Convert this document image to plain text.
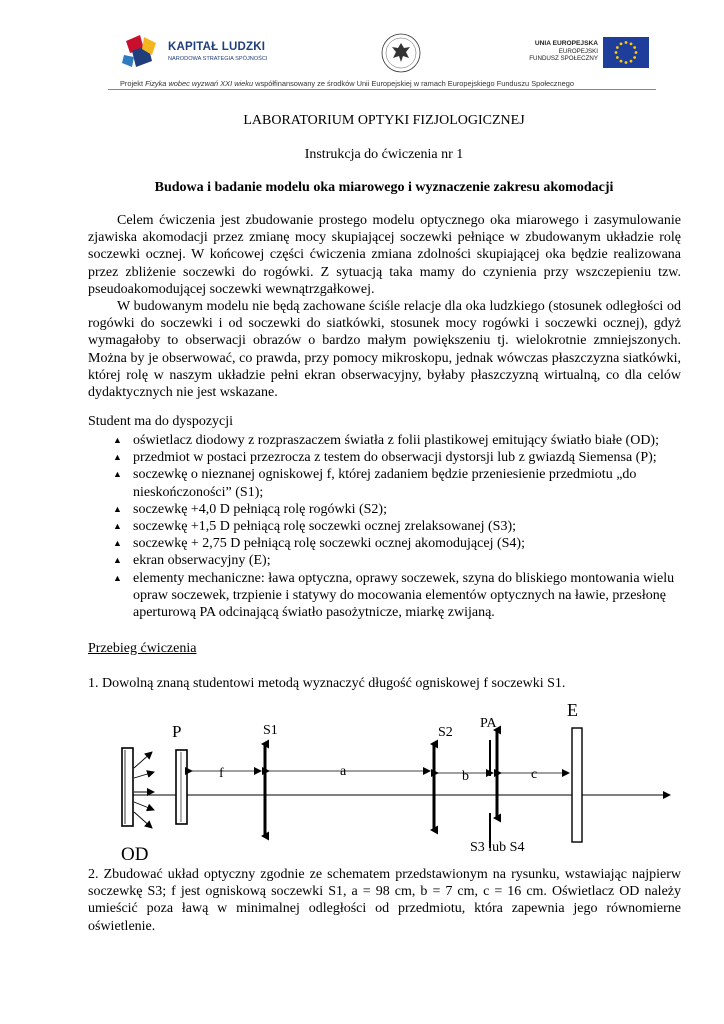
KAPITAŁ LUDZKI
NARODOWA STRATEGIA SPÓJNOŚCI
UNIA EUROPEJSKA
EUROPEJSKI
FUNDUSZ SPOŁECZNY
Projekt Fizyka wobec wyzwań XXI wieku współfinansowany ze środków Unii Europejskiej w ramach Europejskiego Funduszu Społecznego
LABORATORIUM OPTYKI FIZJOLOGICZNEJ
Instrukcja do ćwiczenia nr 1
Budowa i badanie modelu oka miarowego i wyznaczenie zakresu akomodacji

Celem ćwiczenia jest zbudowanie prostego modelu optycznego oka miarowego i zasymulowanie zjawiska akomodacji przez zmianę mocy skupiającej soczewki pełniące w zbudowanym układzie rolę soczewki ocznej. W końcowej części ćwiczenia zmiana zdolności skupiającej oka będzie realizowana przez zbliżenie soczewki do rogówki. Z sytuacją taka mamy do czynienia przy wszczepieniu tzw. pseudoakomodującej soczewki wewnątrzgałkowej.

W budowanym modelu nie będą zachowane ściśle relacje dla oka ludzkiego (stosunek odległości od rogówki do soczewki i od soczewki do siatkówki, stosunek mocy rogówki i soczewki ocznej), gdyż wymagałoby to obserwacji obrazów o bardzo małym powiększeniu tj. wielokrotnie zmniejszonych. Można by je obserwować, co prawda, przy pomocy mikroskopu, jednak wówczas płaszczyzna siatkówki, której rolę w naszym układzie pełni ekran obserwacyjny, byłaby płaszczyzną wirtualną, co dla celów dydaktycznych nie jest wskazane.

Student ma do dyspozycji
▲ oświetlacz diodowy z rozpraszaczem światła z folii plastikowej emitujący światło białe (OD);
▲ przedmiot w postaci przezrocza z testem do obserwacji dystorsji lub z gwiazdą Siemensa (P);
▲ soczewkę o nieznanej ogniskowej f, której zadaniem będzie przeniesienie przedmiotu „do nieskończoności” (S1);
▲ soczewkę +4,0 D pełniącą rolę rogówki (S2);
▲ soczewkę +1,5 D pełniącą rolę soczewki ocznej zrelaksowanej (S3);
▲ soczewkę + 2,75 D pełniącą rolę soczewki ocznej akomodującej (S4);
▲ ekran obserwacyjny (E);
▲ elementy mechaniczne: ława optyczna, oprawy soczewek, szyna do bliskiego montowania wielu opraw soczewek, trzpienie i statywy do mocowania elementów optycznych na ławie, przesłonę aperturową PA odcinającą światło pasożytnicze, miarkę zwijaną.
Przebieg ćwiczenia
1. Dowolną znaną studentowi metodą wyznaczyć długość ogniskowej f soczewki S1.
P	S1
f	a
S2
PA
S3 lub S4
b	c
E
OD
2. Zbudować układ optyczny zgodnie ze schematem przedstawionym na rysunku, wstawiając najpierw soczewkę S3; f jest ogniskową soczewki S1, a = 98 cm, b = 7 cm, c = 16 cm. Oświetlacz OD należy umieścić poza ławą w minimalnej odległości od przedmiotu, która zapewnia jego równomierne oświetlenie.
